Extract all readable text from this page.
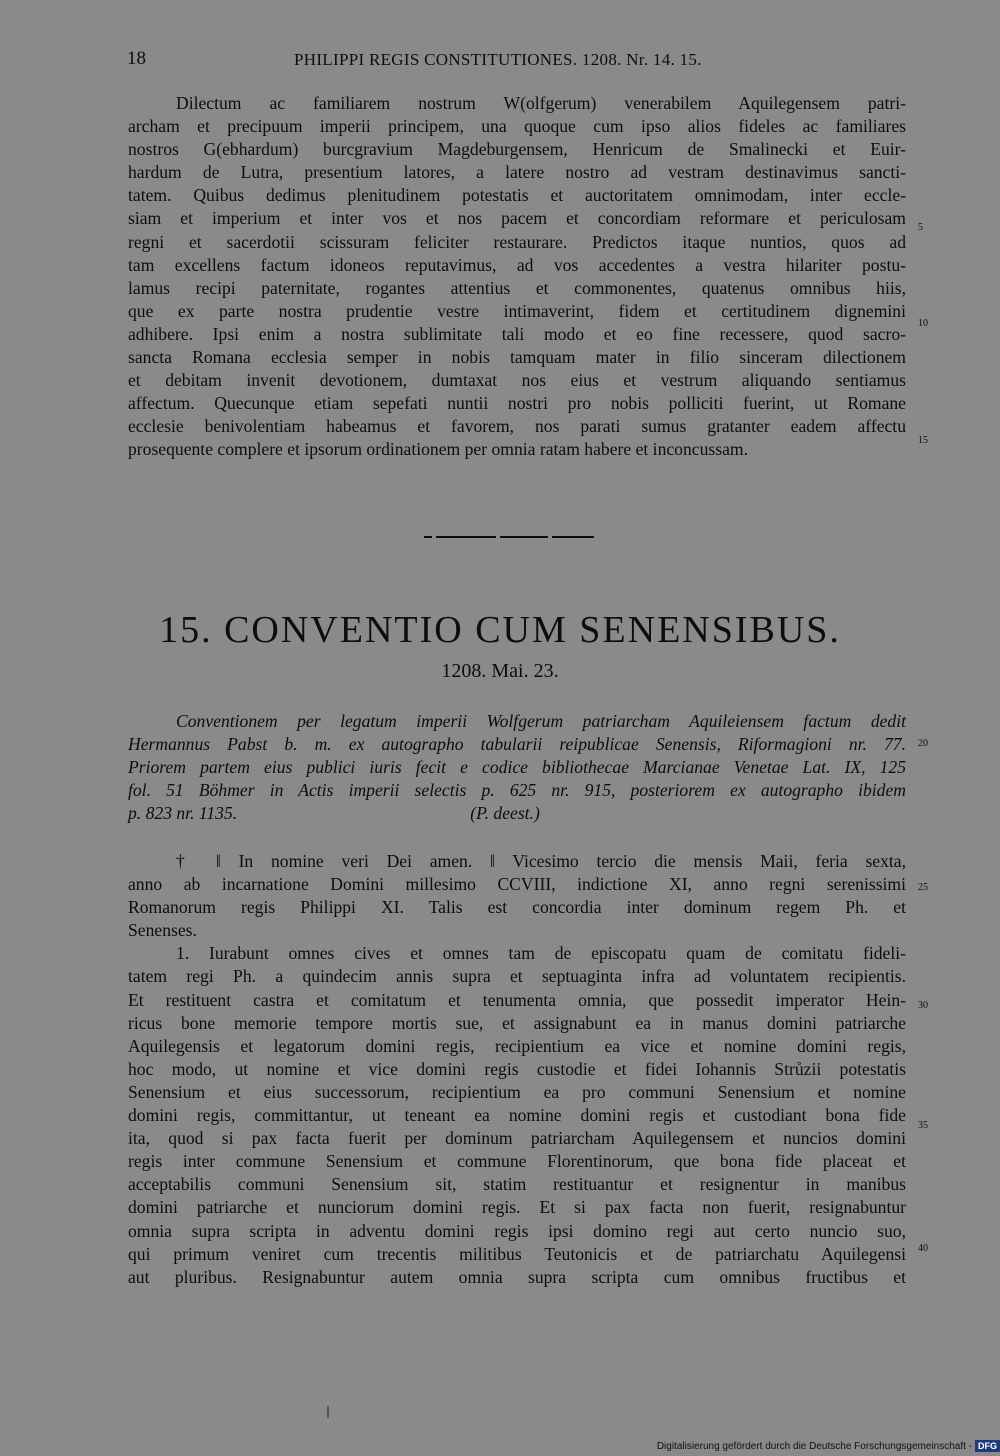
18	PHILIPPI REGIS CONSTITUTIONES. 1208. Nr. 14. 15.
Dilectum ac familiarem nostrum W(olfgerum) venerabilem Aquilegensem patri-
archam et precipuum imperii principem, una quoque cum ipso alios fideles ac familiares
nostros G(ebhardum) burcgravium Magdeburgensem, Henricum de Smalinecki et Euir-
hardum de Lutra, presentium latores, a latere nostro ad vestram destinavimus sancti-
tatem. Quibus dedimus plenitudinem potestatis et auctoritatem omnimodam, inter eccle-
siam et imperium et inter vos et nos pacem et concordiam reformare et periculosam
regni et sacerdotii scissuram feliciter restaurare. Predictos itaque nuntios, quos ad
tam excellens factum idoneos reputavimus, ad vos accedentes a vestra hilariter postu-
lamus recipi paternitate, rogantes attentius et commonentes, quatenus omnibus hiis,
que ex parte nostra prudentie vestre intimaverint, fidem et certitudinem dignemini
adhibere. Ipsi enim a nostra sublimitate tali modo et eo fine recessere, quod sacro-
sancta Romana ecclesia semper in nobis tamquam mater in filio sinceram dilectionem
et debitam invenit devotionem, dumtaxat nos eius et vestrum aliquando sentiamus
affectum. Quecunque etiam sepefati nuntii nostri pro nobis polliciti fuerint, ut Romane
ecclesie benivolentiam habeamus et favorem, nos parati sumus gratanter eadem affectu
prosequente complere et ipsorum ordinationem per omnia ratam habere et inconcussam.
5
10
15
15. CONVENTIO CUM SENENSIBUS.
1208. Mai. 23.
Conventionem per legatum imperii Wolfgerum patriarcham Aquileiensem factum dedit
Hermannus Pabst b. m. ex autographo tabularii reipublicae Senensis, Riformagioni nr. 77.
Priorem partem eius publici iuris fecit e codice bibliothecae Marcianae Venetae Lat. IX, 125
fol. 51 Böhmer in Actis imperii selectis p. 625 nr. 915, posteriorem ex autographo ibidem
p. 823 nr. 1135.                                                     (P. deest.)
20
† ‖ In nomine veri Dei amen. ‖ Vicesimo tercio die mensis Maii, feria sexta,
anno ab incarnatione Domini millesimo CCVIII, indictione XI, anno regni serenissimi
Romanorum regis Philippi XI. Talis est concordia inter dominum regem Ph. et
Senenses.
1. Iurabunt omnes cives et omnes tam de episcopatu quam de comitatu fideli-
tatem regi Ph. a quindecim annis supra et septuaginta infra ad voluntatem recipientis.
Et restituent castra et comitatum et tenumenta omnia, que possedit imperator Hein-
ricus bone memorie tempore mortis sue, et assignabunt ea in manus domini patriarche
Aquilegensis et legatorum domini regis, recipientium ea vice et nomine domini regis,
hoc modo, ut nomine et vice domini regis custodie et fidei Iohannis Strůzii potestatis
Senensium et eius successorum, recipientium ea pro communi Senensium et nomine
domini regis, committantur, ut teneant ea nomine domini regis et custodiant bona fide
ita, quod si pax facta fuerit per dominum patriarcham Aquilegensem et nuncios domini
regis inter commune Senensium et commune Florentinorum, que bona fide placeat et
acceptabilis communi Senensium sit, statim restituantur et resignentur in manibus
domini patriarche et nunciorum domini regis. Et si pax facta non fuerit, resignabuntur
omnia supra scripta in adventu domini regis ipsi domino regi aut certo nuncio suo,
qui primum veniret cum trecentis militibus Teutonicis et de patriarchatu Aquilegensi
aut pluribus. Resignabuntur autem omnia supra scripta cum omnibus fructibus et
25
30
35
40
Digitalisierung gefördert durch die Deutsche Forschungsgemeinschaft - DFG
